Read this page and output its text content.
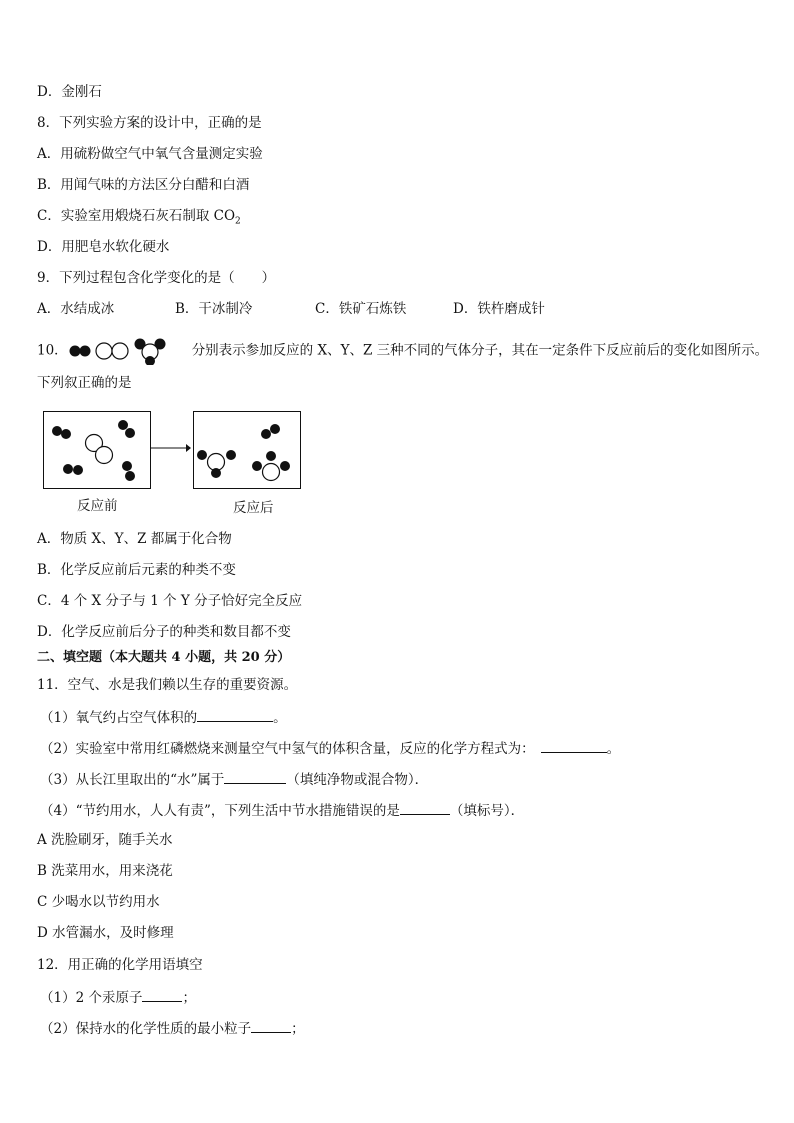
D．金刚石
8．下列实验方案的设计中，正确的是
A．用硫粉做空气中氧气含量测定实验
B．用闻气味的方法区分白醋和白酒
C．实验室用煅烧石灰石制取 $CO_2$
D．用肥皂水软化硬水
9．下列过程包含化学变化的是（　　）
A．水结成冰	B．干冰制冷	C．铁矿石炼铁	D．铁杵磨成针
10．	分别表示参加反应的 X、Y、Z 三种不同的气体分子，其在一定条件下反应前后的变化如图所示。
下列叙正确的是
反应前	反应后
A．物质 X、Y、Z 都属于化合物
B．化学反应前后元素的种类不变
C．4 个 X 分子与 1 个 Y 分子恰好完全反应
D．化学反应前后分子的种类和数目都不变
二、填空题（本大题共 4 小题，共 20 分）
11．空气、水是我们赖以生存的重要资源。
（1）氧气约占空气体积的	。
（2）实验室中常用红磷燃烧来测量空气中氢气的体积含量，反应的化学方程式为：	。
（3）从长江里取出的“水”属于	（填纯净物或混合物）．
（4）“节约用水，人人有责”，下列生活中节水措施错误的是	（填标号）．
A 洗脸刷牙，随手关水
B 洗菜用水，用来浇花
C 少喝水以节约用水
D 水管漏水，及时修理
12．用正确的化学用语填空
（1）2 个汞原子	；
（2）保持水的化学性质的最小粒子	；
